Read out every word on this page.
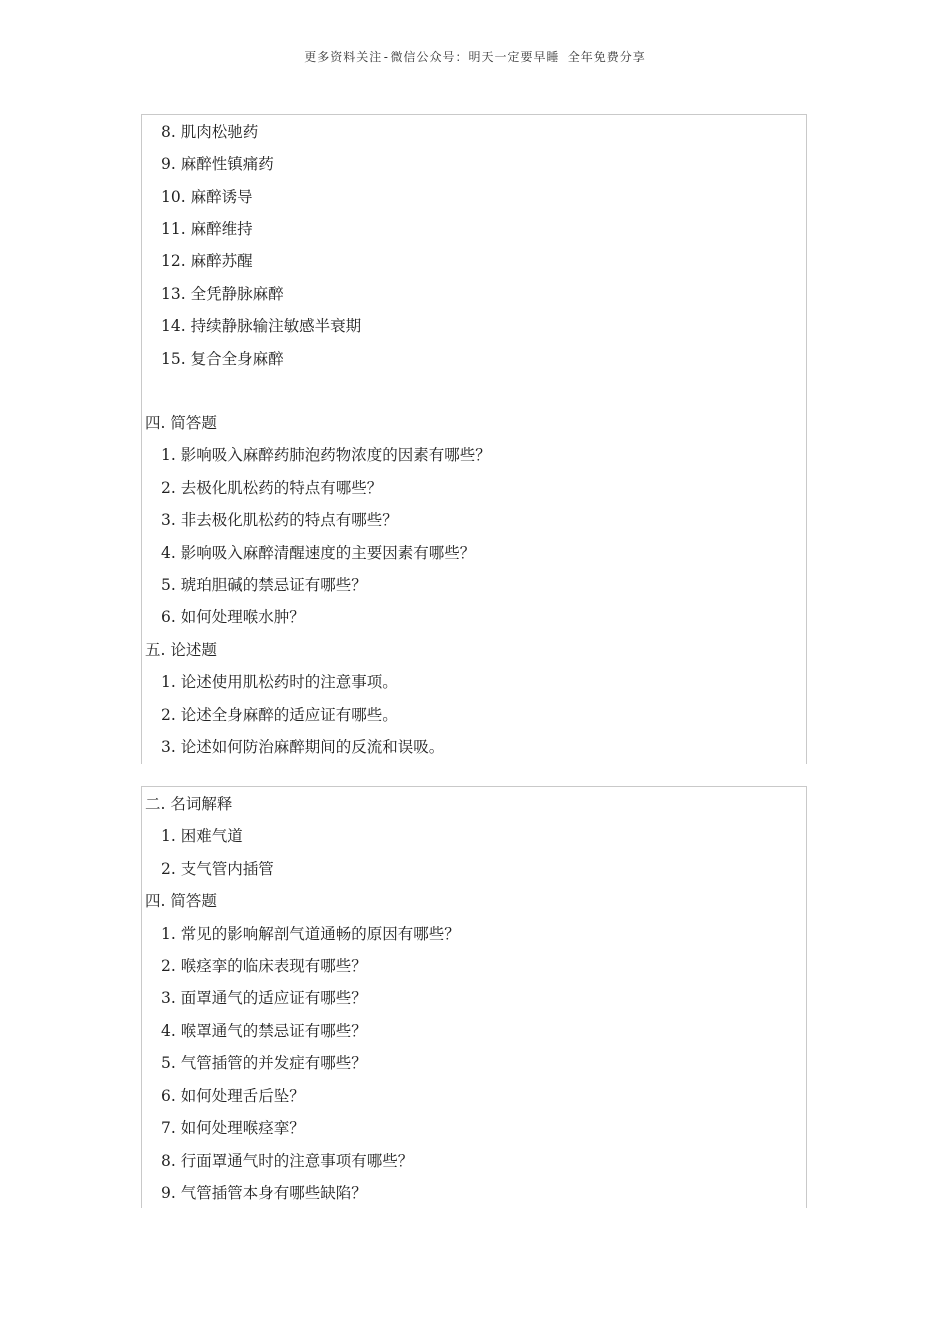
更多资料关注-微信公众号：明天一定要早睡 全年免费分享
8. 肌肉松驰药
9. 麻醉性镇痛药
10. 麻醉诱导
11. 麻醉维持
12. 麻醉苏醒
13. 全凭静脉麻醉
14. 持续静脉输注敏感半衰期
15. 复合全身麻醉
四. 简答题
1. 影响吸入麻醉药肺泡药物浓度的因素有哪些？
2. 去极化肌松药的特点有哪些？
3. 非去极化肌松药的特点有哪些？
4. 影响吸入麻醉清醒速度的主要因素有哪些？
5. 琥珀胆碱的禁忌证有哪些？
6. 如何处理喉水肿？
五. 论述题
1. 论述使用肌松药时的注意事项。
2. 论述全身麻醉的适应证有哪些。
3. 论述如何防治麻醉期间的反流和误吸。
二. 名词解释
1. 困难气道
2. 支气管内插管
四. 简答题
1. 常见的影响解剖气道通畅的原因有哪些？
2. 喉痉挛的临床表现有哪些？
3. 面罩通气的适应证有哪些？
4. 喉罩通气的禁忌证有哪些？
5. 气管插管的并发症有哪些？
6. 如何处理舌后坠？
7. 如何处理喉痉挛？
8. 行面罩通气时的注意事项有哪些？
9. 气管插管本身有哪些缺陷？
